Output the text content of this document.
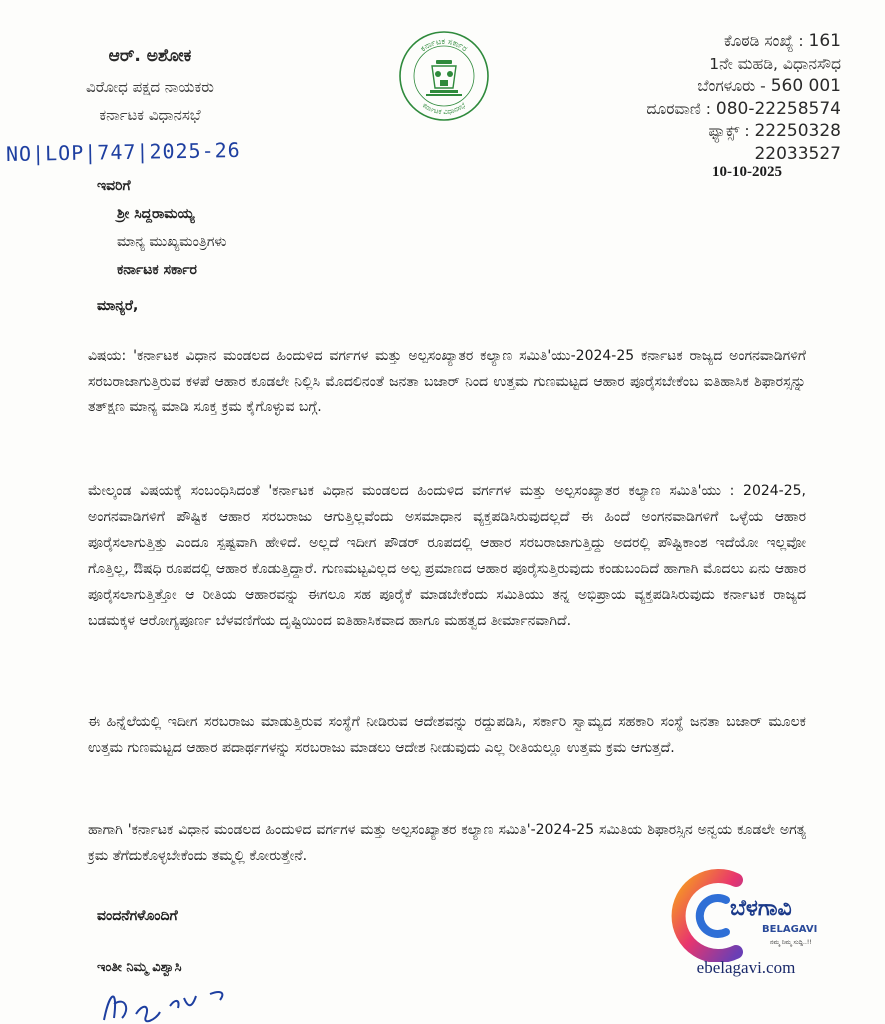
ಆರ್. ಅಶೋಕ
ವಿರೋಧ ಪಕ್ಷದ ನಾಯಕರು
ಕರ್ನಾಟಕ ವಿಧಾನಸಭೆ
NO|LOP|747|2025-26
ಕರ್ನಾಟಕ ಸರ್ಕಾರ
ಕರ್ನಾಟಕ ವಿಧಾನಸಭೆ
ಕೊಠಡಿ ಸಂಖ್ಯೆ : 161
1ನೇ ಮಹಡಿ, ವಿಧಾನಸೌಧ
ಬೆಂಗಳೂರು - 560 001
ದೂರವಾಣಿ : 080-22258574
ಫ್ಯಾಕ್ಸ್ : 22250328
22033527
10-10-2025
ಇವರಿಗೆ
ಶ್ರೀ ಸಿದ್ದರಾಮಯ್ಯ
ಮಾನ್ಯ ಮುಖ್ಯಮಂತ್ರಿಗಳು
ಕರ್ನಾಟಕ ಸರ್ಕಾರ
ಮಾನ್ಯರೆ,
ವಿಷಯ: 'ಕರ್ನಾಟಕ ವಿಧಾನ ಮಂಡಲದ ಹಿಂದುಳಿದ ವರ್ಗಗಳ ಮತ್ತು ಅಲ್ಪಸಂಖ್ಯಾತರ ಕಲ್ಯಾಣ ಸಮಿತಿ'ಯು-2024-25 ಕರ್ನಾಟಕ ರಾಜ್ಯದ ಅಂಗನವಾಡಿಗಳಿಗೆ ಸರಬರಾಜಾಗುತ್ತಿರುವ ಕಳಪೆ ಆಹಾರ ಕೂಡಲೇ ನಿಲ್ಲಿಸಿ ಮೊದಲಿನಂತೆ ಜನತಾ ಬಜಾರ್ ನಿಂದ ಉತ್ತಮ ಗುಣಮಟ್ಟದ ಆಹಾರ ಪೂರೈಸಬೇಕೆಂಬ ಐತಿಹಾಸಿಕ ಶಿಫಾರಸ್ಸನ್ನು ತತ್‌ಕ್ಷಣ ಮಾನ್ಯ ಮಾಡಿ ಸೂಕ್ತ ಕ್ರಮ ಕೈಗೊಳ್ಳುವ ಬಗ್ಗೆ.
ಮೇಲ್ಕಂಡ ವಿಷಯಕ್ಕೆ ಸಂಬಂಧಿಸಿದಂತೆ 'ಕರ್ನಾಟಕ ವಿಧಾನ ಮಂಡಲದ ಹಿಂದುಳಿದ ವರ್ಗಗಳ ಮತ್ತು ಅಲ್ಪಸಂಖ್ಯಾತರ ಕಲ್ಯಾಣ ಸಮಿತಿ'ಯು : 2024-25, ಅಂಗನವಾಡಿಗಳಿಗೆ ಪೌಷ್ಟಿಕ ಆಹಾರ ಸರಬರಾಜು ಆಗುತ್ತಿಲ್ಲವೆಂದು ಅಸಮಾಧಾನ ವ್ಯಕ್ತಪಡಿಸಿರುವುದಲ್ಲದೆ ಈ ಹಿಂದೆ ಅಂಗನವಾಡಿಗಳಿಗೆ ಒಳ್ಳೆಯ ಆಹಾರ ಪೂರೈಸಲಾಗುತ್ತಿತ್ತು ಎಂದೂ ಸ್ಪಷ್ಟವಾಗಿ ಹೇಳಿದೆ. ಅಲ್ಲದೆ ಇದೀಗ ಪೌಡರ್ ರೂಪದಲ್ಲಿ ಆಹಾರ ಸರಬರಾಜಾಗುತ್ತಿದ್ದು ಅದರಲ್ಲಿ ಪೌಷ್ಟಿಕಾಂಶ ಇದೆಯೋ ಇಲ್ಲವೋ ಗೊತ್ತಿಲ್ಲ, ಔಷಧಿ ರೂಪದಲ್ಲಿ ಆಹಾರ ಕೊಡುತ್ತಿದ್ದಾರೆ. ಗುಣಮಟ್ಟವಿಲ್ಲದ ಅಲ್ಪ ಪ್ರಮಾಣದ ಆಹಾರ ಪೂರೈಸುತ್ತಿರುವುದು ಕಂಡುಬಂದಿದೆ ಹಾಗಾಗಿ ಮೊದಲು ಏನು ಆಹಾರ ಪೂರೈಸಲಾಗುತ್ತಿತ್ತೋ ಆ ರೀತಿಯ ಆಹಾರವನ್ನು ಈಗಲೂ ಸಹ ಪೂರೈಕೆ ಮಾಡಬೇಕೆಂದು ಸಮಿತಿಯು ತನ್ನ ಅಭಿಪ್ರಾಯ ವ್ಯಕ್ತಪಡಿಸಿರುವುದು ಕರ್ನಾಟಕ ರಾಜ್ಯದ ಬಡಮಕ್ಕಳ ಆರೋಗ್ಯಪೂರ್ಣ ಬೆಳವಣಿಗೆಯ ದೃಷ್ಟಿಯಿಂದ ಐತಿಹಾಸಿಕವಾದ ಹಾಗೂ ಮಹತ್ವದ ತೀರ್ಮಾನವಾಗಿದೆ.
ಈ ಹಿನ್ನೆಲೆಯಲ್ಲಿ ಇದೀಗ ಸರಬರಾಜು ಮಾಡುತ್ತಿರುವ ಸಂಸ್ಥೆಗೆ ನೀಡಿರುವ ಆದೇಶವನ್ನು ರದ್ದುಪಡಿಸಿ, ಸರ್ಕಾರಿ ಸ್ವಾಮ್ಯದ ಸಹಕಾರಿ ಸಂಸ್ಥೆ ಜನತಾ ಬಜಾರ್ ಮೂಲಕ ಉತ್ತಮ ಗುಣಮಟ್ಟದ ಆಹಾರ ಪದಾರ್ಥಗಳನ್ನು ಸರಬರಾಜು ಮಾಡಲು ಆದೇಶ ನೀಡುವುದು ಎಲ್ಲ ರೀತಿಯಲ್ಲೂ ಉತ್ತಮ ಕ್ರಮ ಆಗುತ್ತದೆ.
ಹಾಗಾಗಿ 'ಕರ್ನಾಟಕ ವಿಧಾನ ಮಂಡಲದ ಹಿಂದುಳಿದ ವರ್ಗಗಳ ಮತ್ತು ಅಲ್ಪಸಂಖ್ಯಾತರ ಕಲ್ಯಾಣ ಸಮಿತಿ'-2024-25 ಸಮಿತಿಯ ಶಿಫಾರಸ್ಸಿನ ಅನ್ವಯ ಕೂಡಲೇ ಅಗತ್ಯ ಕ್ರಮ ತೆಗೆದುಕೊಳ್ಳಬೇಕೆಂದು ತಮ್ಮಲ್ಲಿ ಕೋರುತ್ತೇನೆ.
ವಂದನೆಗಳೊಂದಿಗೆ
ಇಂತೀ ನಿಮ್ಮ ವಿಶ್ವಾಸಿ
ಬೆಳಗಾವಿ
BELAGAVI
ನಮ್ಮ ನಿಮ್ಮ ಸುದ್ದಿ..!!
ebelagavi.com
